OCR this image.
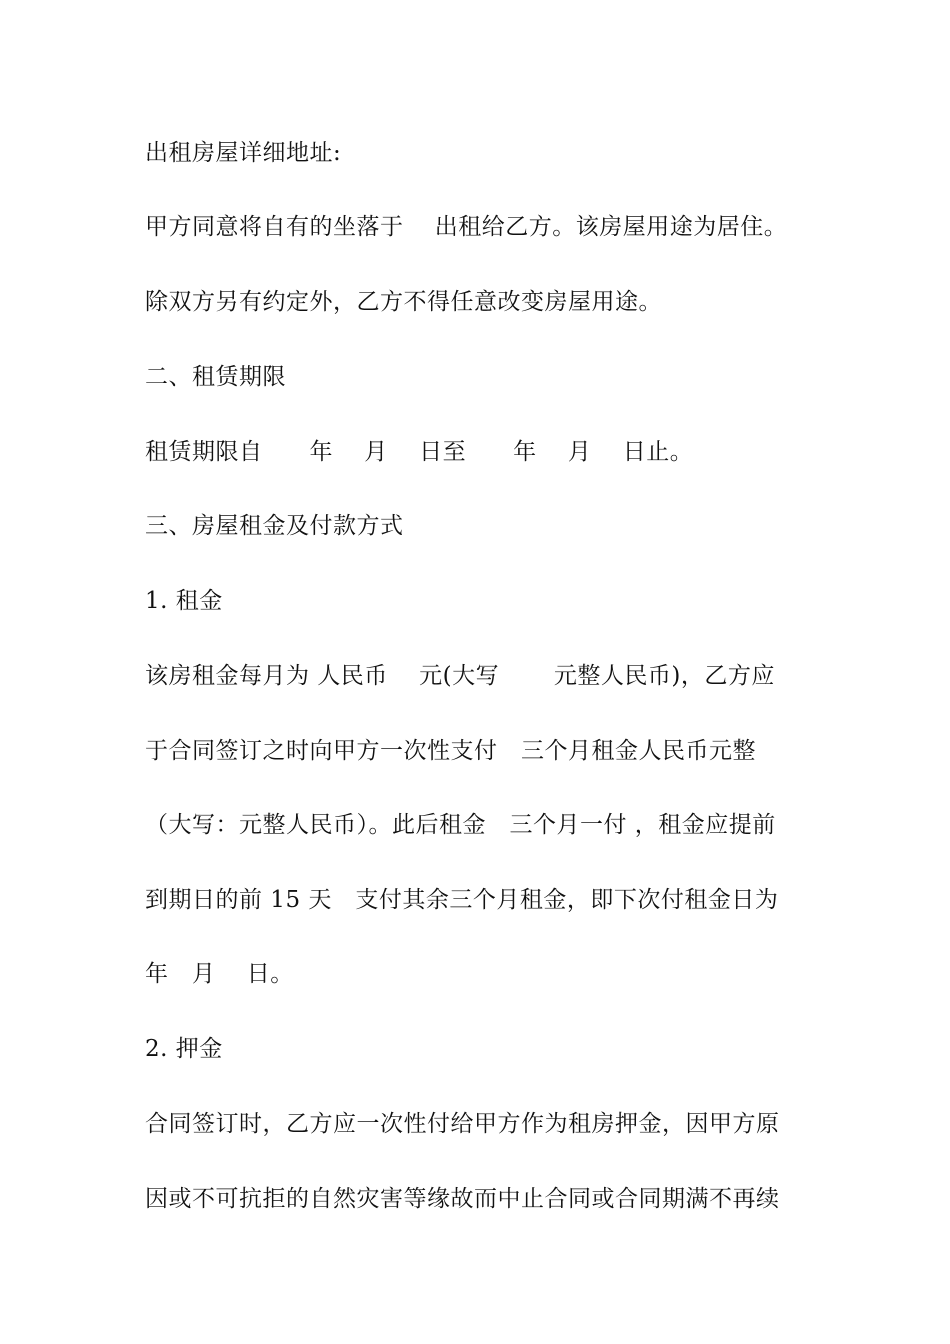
出租房屋详细地址:
甲方同意将自有的坐落于　 出租给乙方。该房屋用途为居住。
除双方另有约定外，乙方不得任意改变房屋用途。
二、租赁期限
租赁期限自　　年　 月　 日至　　年　 月　 日止。
三、房屋租金及付款方式
1. 租金
该房租金每月为 人民币　 元(大写　　 元整人民币)，乙方应
于合同签订之时向甲方一次性支付　三个月租金人民币元整
（大写：元整人民币）。此后租金　三个月一付 ，租金应提前
到期日的前 15 天　支付其余三个月租金，即下次付租金日为
年　月　 日。
2. 押金
合同签订时，乙方应一次性付给甲方作为租房押金，因甲方原
因或不可抗拒的自然灾害等缘故而中止合同或合同期满不再续
